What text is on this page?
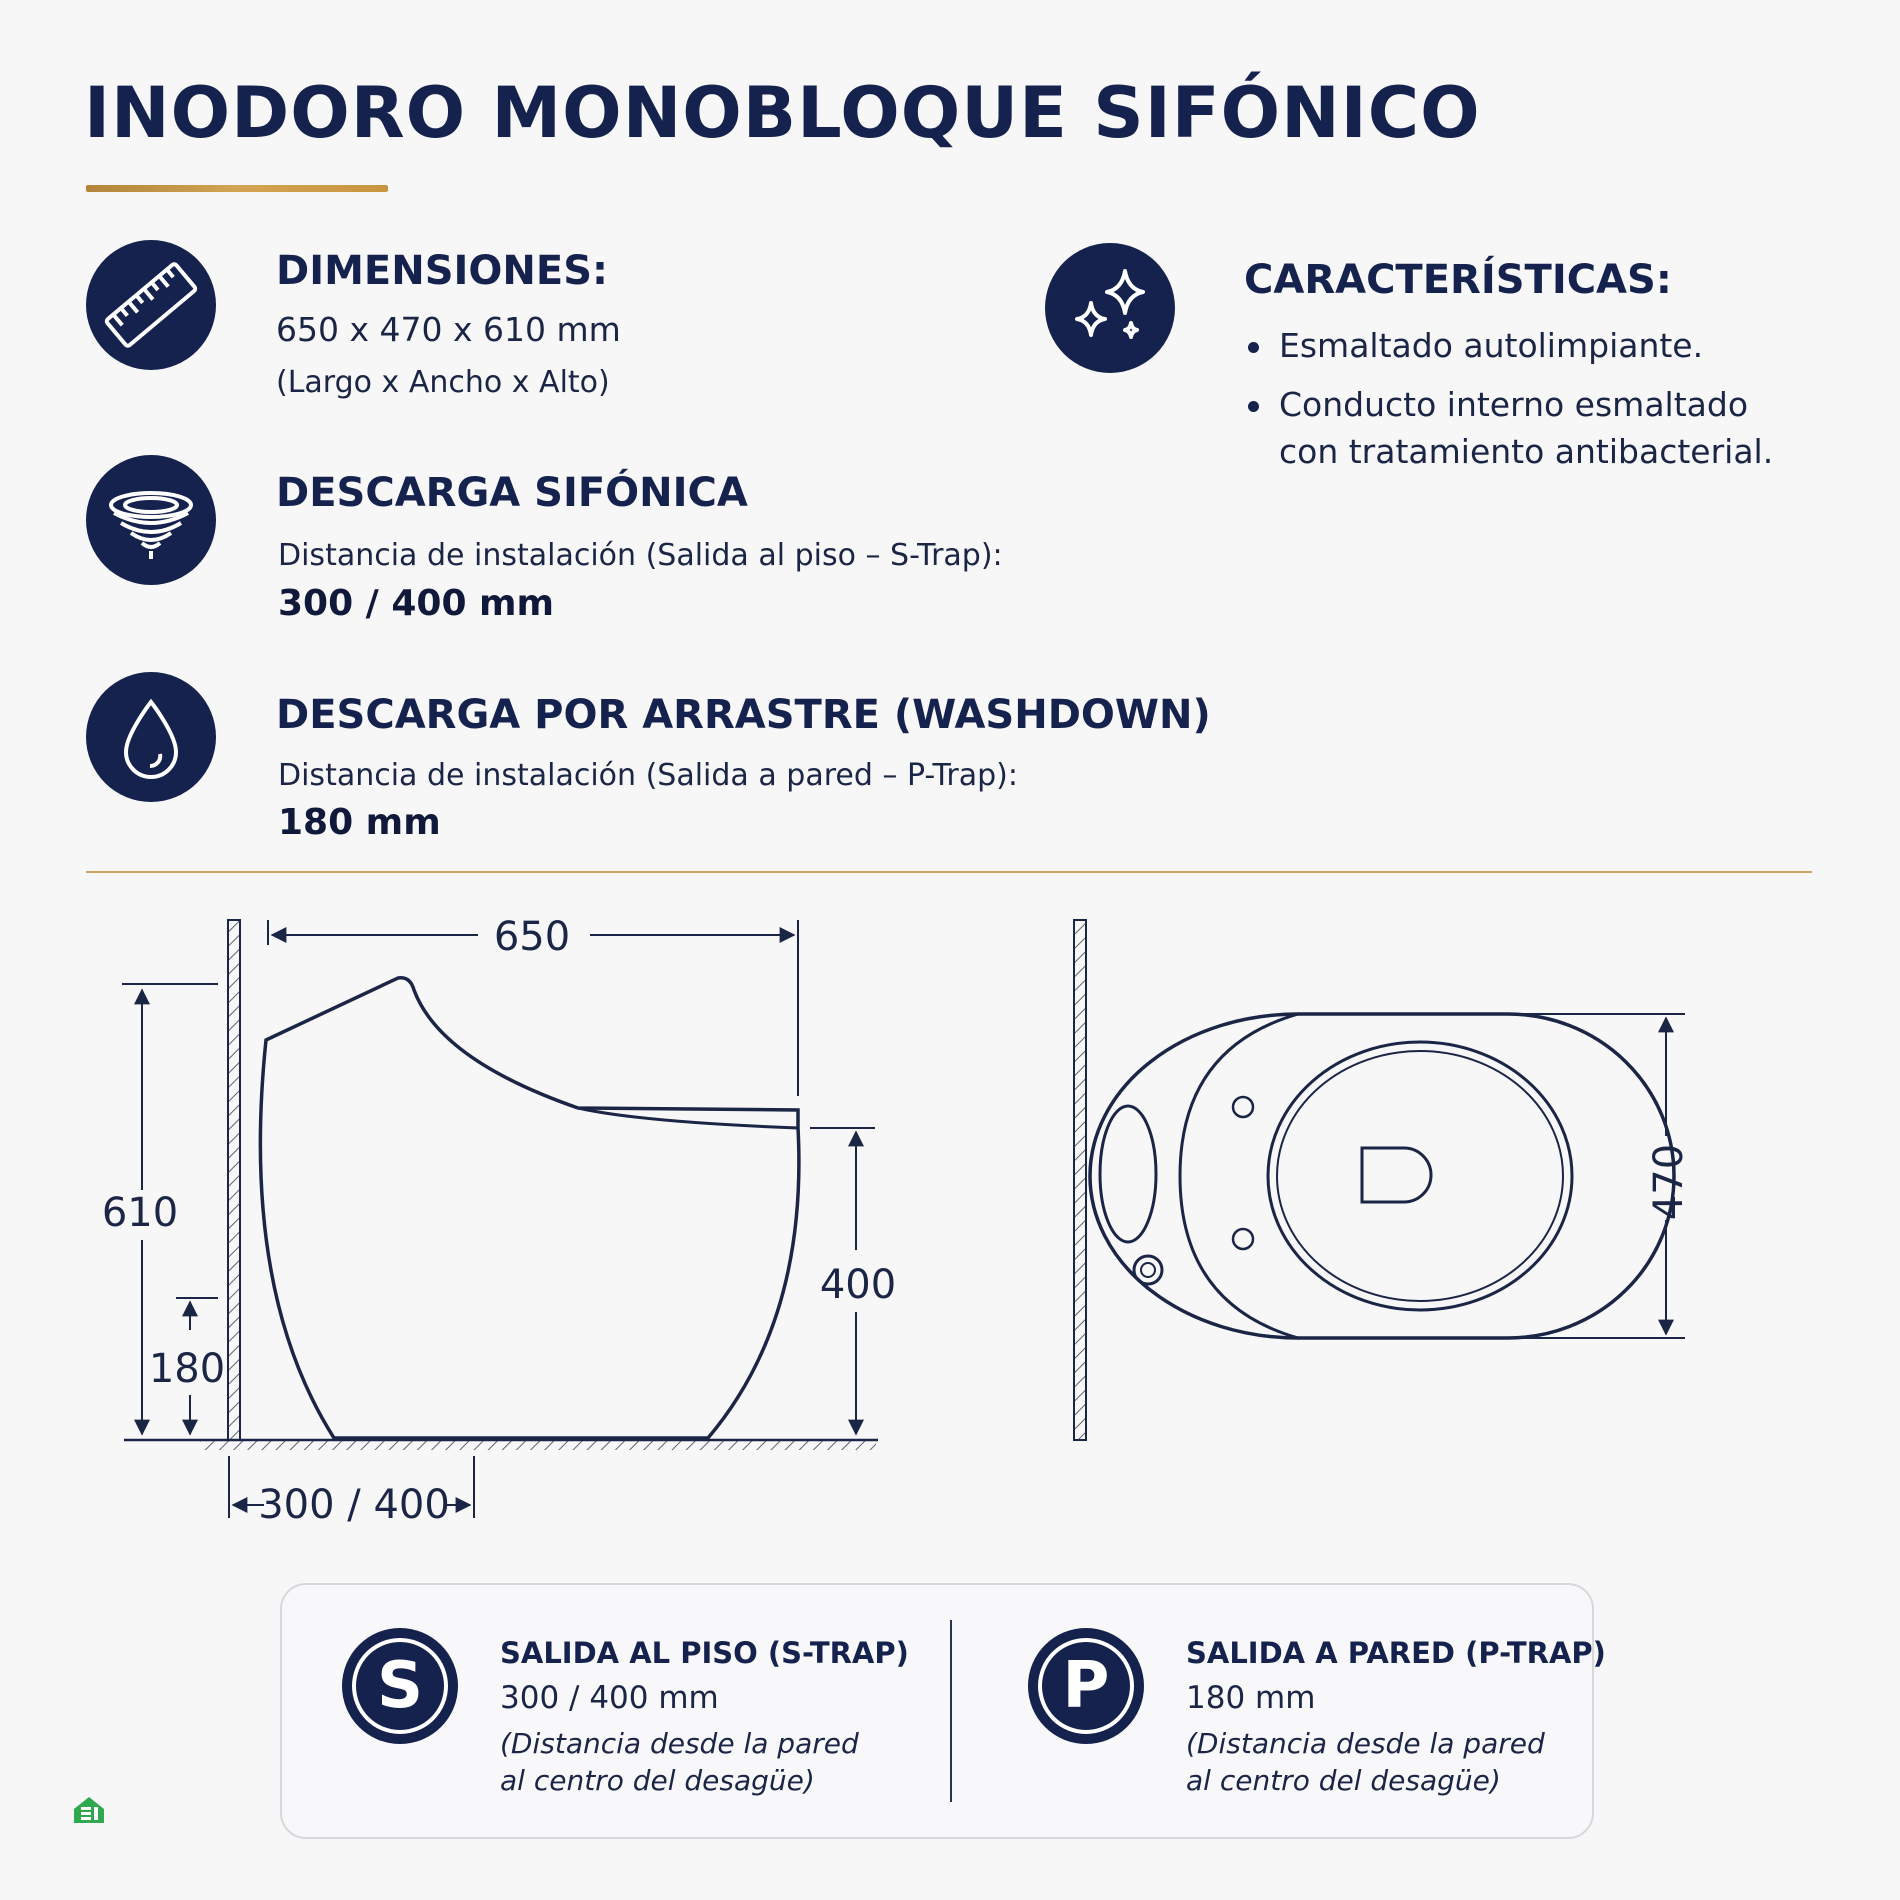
INODORO MONOBLOQUE SIFÓNICO
DIMENSIONES:
650 x 470 x 610 mm
(Largo x Ancho x Alto)
DESCARGA SIFÓNICA
Distancia de instalación (Salida al piso – S-Trap):
300 / 400 mm
DESCARGA POR ARRASTRE (WASHDOWN)
Distancia de instalación (Salida a pared – P-Trap):
180 mm
CARACTERÍSTICAS:
Esmaltado autolimpiante.
Conducto interno esmaltado
con tratamiento antibacterial.
650
610
180
400
300 / 400
470
S	SALIDA AL PISO (S-TRAP)
300 / 400 mm
(Distancia desde la pared
al centro del desagüe)
P	SALIDA A PARED (P-TRAP)
180 mm
(Distancia desde la pared
al centro del desagüe)
